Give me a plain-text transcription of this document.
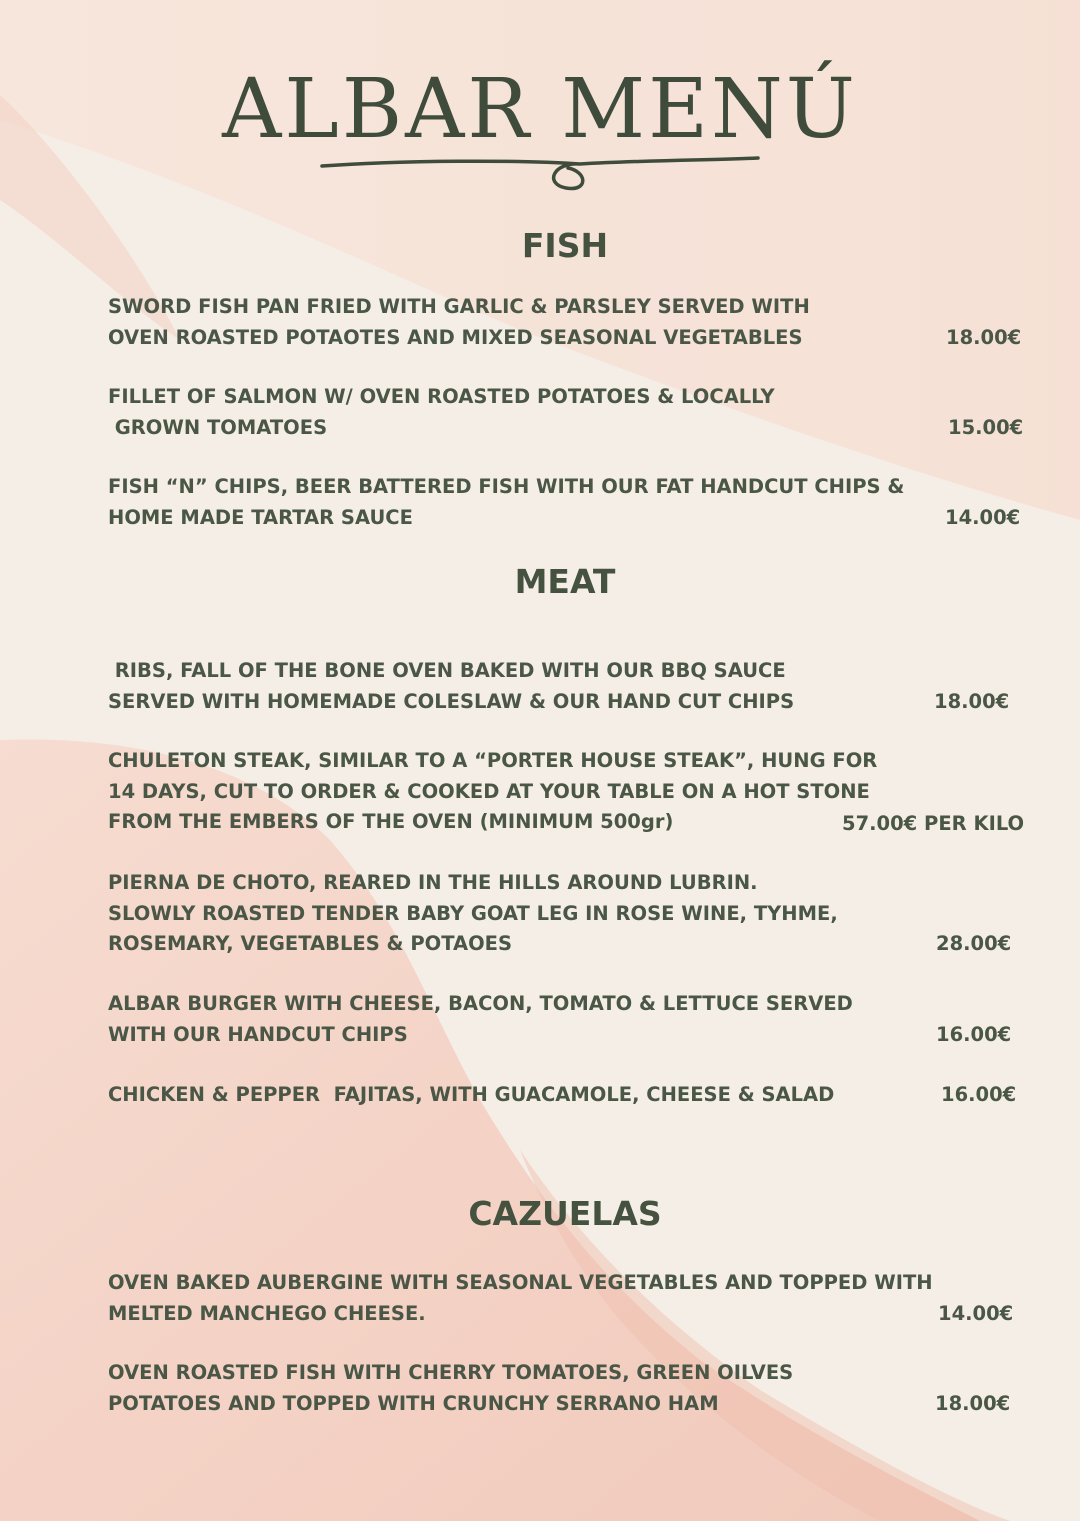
ALBAR MENÚ
FISH
SWORD FISH PAN FRIED WITH GARLIC & PARSLEY SERVED WITH
OVEN ROASTED POTAOTES AND MIXED SEASONAL VEGETABLES	18.00€
FILLET OF SALMON W/ OVEN ROASTED POTATOES & LOCALLY
GROWN TOMATOES	15.00€
FISH “N” CHIPS, BEER BATTERED FISH WITH OUR FAT HANDCUT CHIPS &
HOME MADE TARTAR SAUCE	14.00€
MEAT
RIBS, FALL OF THE BONE OVEN BAKED WITH OUR BBQ SAUCE
SERVED WITH HOMEMADE COLESLAW & OUR HAND CUT CHIPS	18.00€
CHULETON STEAK, SIMILAR TO A “PORTER HOUSE STEAK”, HUNG FOR
14 DAYS, CUT TO ORDER & COOKED AT YOUR TABLE ON A HOT STONE
FROM THE EMBERS OF THE OVEN (MINIMUM 500gr)	57.00€ PER KILO
PIERNA DE CHOTO, REARED IN THE HILLS AROUND LUBRIN.
SLOWLY ROASTED TENDER BABY GOAT LEG IN ROSE WINE, TYHME,
ROSEMARY, VEGETABLES & POTAOES	28.00€
ALBAR BURGER WITH CHEESE, BACON, TOMATO & LETTUCE SERVED
WITH OUR HANDCUT CHIPS	16.00€
CHICKEN & PEPPER  FAJITAS, WITH GUACAMOLE, CHEESE & SALAD	16.00€
CAZUELAS
OVEN BAKED AUBERGINE WITH SEASONAL VEGETABLES AND TOPPED WITH
MELTED MANCHEGO CHEESE.	14.00€
OVEN ROASTED FISH WITH CHERRY TOMATOES, GREEN OILVES
POTATOES AND TOPPED WITH CRUNCHY SERRANO HAM	18.00€
